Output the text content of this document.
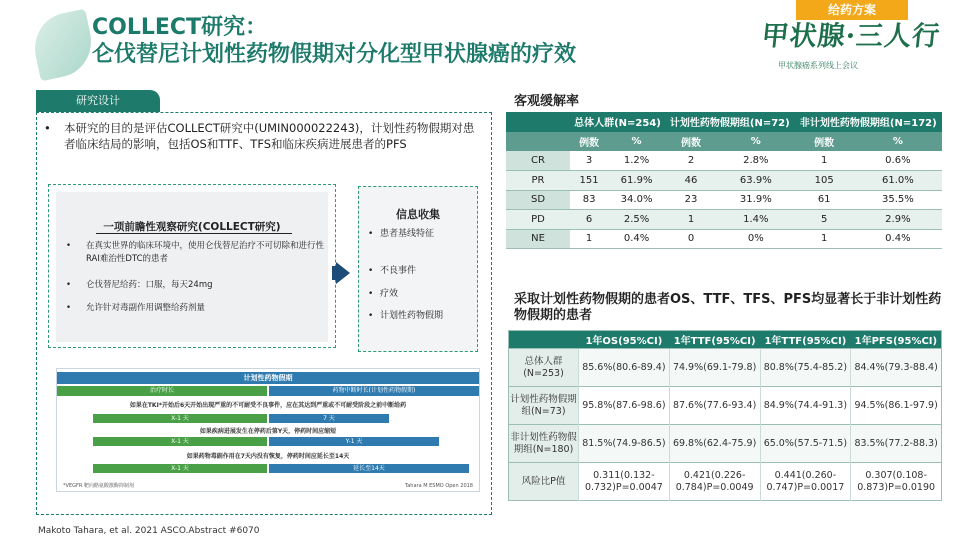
COLLECT研究：
仑伐替尼计划性药物假期对分化型甲状腺癌的疗效
给药方案
甲状腺·三人行
甲状腺癌系列线上会议
研究设计
•	本研究的目的是评估COLLECT研究中(UMIN000022243)，计划性药物假期对患者临床结局的影响，包括OS和TTF、TFS和临床疾病进展患者的PFS
一项前瞻性观察研究(COLLECT研究)
•	在真实世界的临床环境中，使用仑伐替尼治疗不可切除和进行性RAI难治性DTC的患者
•	仑伐替尼给药：口服，每天24mg
•	允许针对毒副作用调整给药剂量
信息收集
• 患者基线特征
• 不良事件
• 疗效
• 计划性药物假期
计划性药物假期
治疗时长	药物中断时长(计划性药物假期)
如果在TKI*开始后6天开始出现严重的不可耐受不良事件，应在其达到严重或不可耐受阶段之前中断给药
X-1 天	7 天
如果疾病进展发生在停药后第Y天，停药时间应缩短
X-1 天	Y-1 天
如果药物毒副作用在7天内没有恢复，停药时间应延长至14天
X-1 天	延长至14天
*VEGFR 靶向酪氨酸激酶抑制剂	Tahara M ESMO Open 2018
Makoto Tahara, et al. 2021 ASCO.Abstract #6070
客观缓解率
	总体人群(N=254)		计划性药物假期组(N=72)		非计划性药物假期组(N=172)	
	例数	%	例数	%	例数	%
CR	3	1.2%	2	2.8%	1	0.6%
PR	151	61.9%	46	63.9%	105	61.0%
SD	83	34.0%	23	31.9%	61	35.5%
PD	6	2.5%	1	1.4%	5	2.9%
NE	1	0.4%	0	0%	1	0.4%
采取计划性药物假期的患者OS、TTF、TFS、PFS均显著长于非计划性药物假期的患者
	1年OS(95%CI)	1年TTF(95%CI)	1年TTF(95%CI)	1年PFS(95%CI)
总体人群(N=253)	85.6%(80.6-89.4)	74.9%(69.1-79.8)	80.8%(75.4-85.2)	84.4%(79.3-88.4)
计划性药物假期组(N=73)	95.8%(87.6-98.6)	87.6%(77.6-93.4)	84.9%(74.4-91.3)	94.5%(86.1-97.9)
非计划性药物假期组(N=180)	81.5%(74.9-86.5)	69.8%(62.4-75.9)	65.0%(57.5-71.5)	83.5%(77.2-88.3)
风险比P值	0.311(0.132-0.732)P=0.0047	0.421(0.226-0.784)P=0.0049	0.441(0.260-0.747)P=0.0017	0.307(0.108-0.873)P=0.0190
